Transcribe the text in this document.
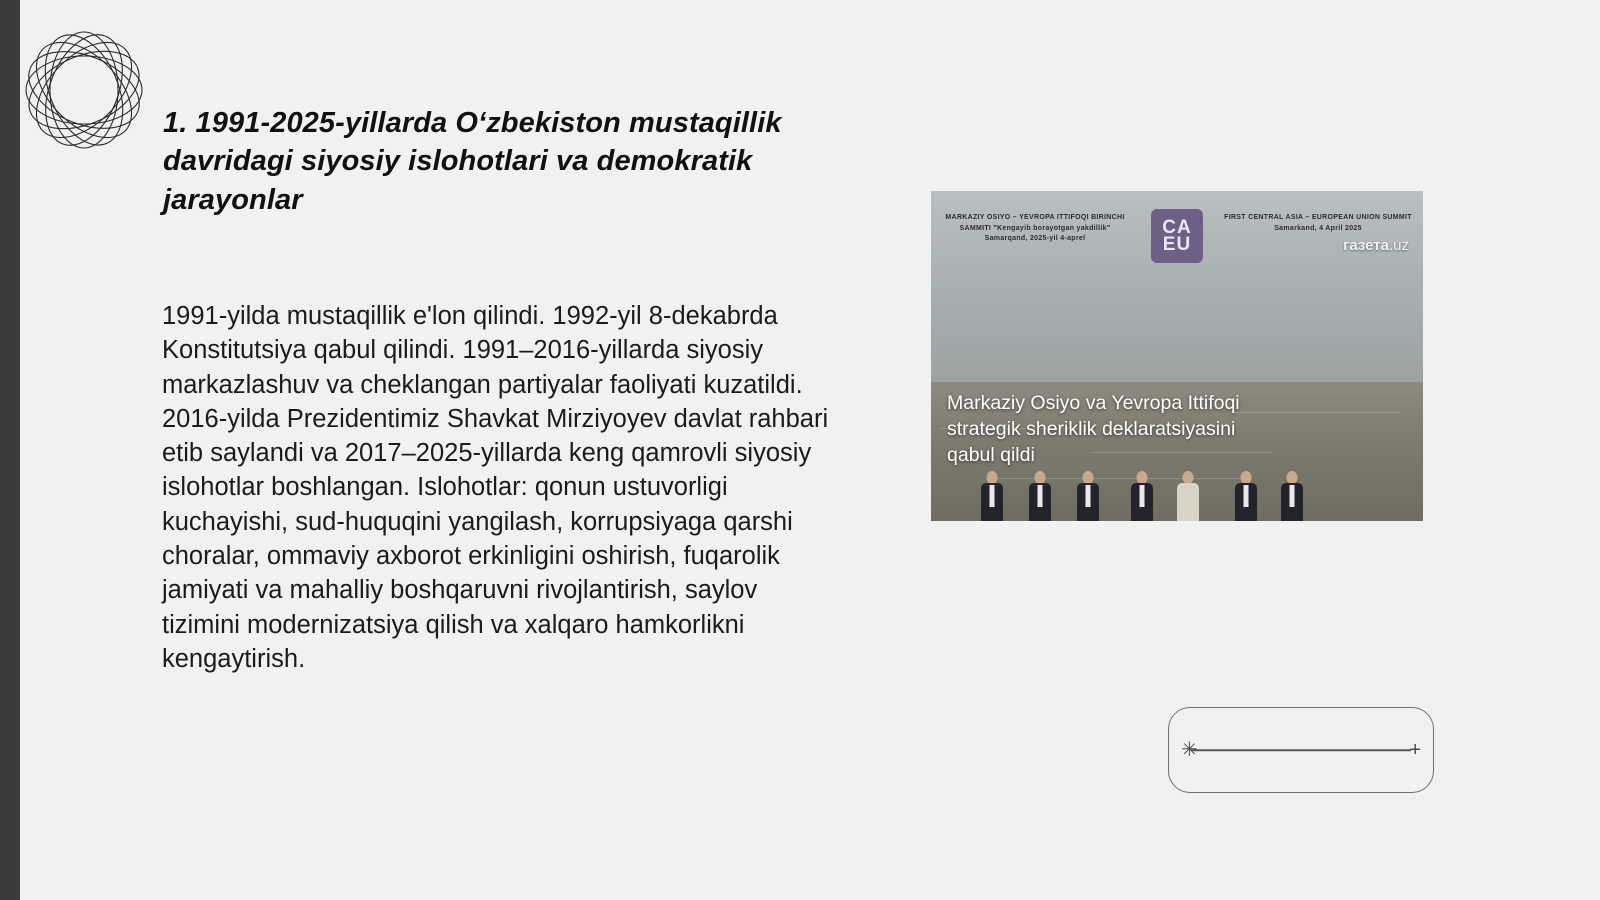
1. 1991-2025-yillarda O‘zbekiston mustaqillik davridagi siyosiy islohotlari va demokratik jarayonlar
1991-yilda mustaqillik e'lon qilindi. 1992-yil 8-dekabrda Konstitutsiya qabul qilindi. 1991–2016-yillarda siyosiy markazlashuv va cheklangan partiyalar faoliyati kuzatildi. 2016-yilda Prezidentimiz Shavkat Mirziyoyev davlat rahbari etib saylandi va 2017–2025-yillarda keng qamrovli siyosiy islohotlar boshlangan. Islohotlar: qonun ustuvorligi kuchayishi, sud-huquqini yangilash, korrupsiyaga qarshi choralar, ommaviy axborot erkinligini oshirish, fuqarolik jamiyati va mahalliy boshqaruvni rivojlantirish, saylov tizimini modernizatsiya qilish va xalqaro hamkorlikni kengaytirish.
MARKAZIY OSIYO – YEVROPA ITTIFOQI BIRINCHI SAMMITI "Kengayib borayotgan yakdillik" Samarqand, 2025-yil 4-aprel
CA
EU
FIRST CENTRAL ASIA – EUROPEAN UNION SUMMIT Samarkand, 4 April 2025
газета.uz
Markaziy Osiyo va Yevropa Ittifoqi strategik sheriklik deklaratsiyasini qabul qildi
✳	+
